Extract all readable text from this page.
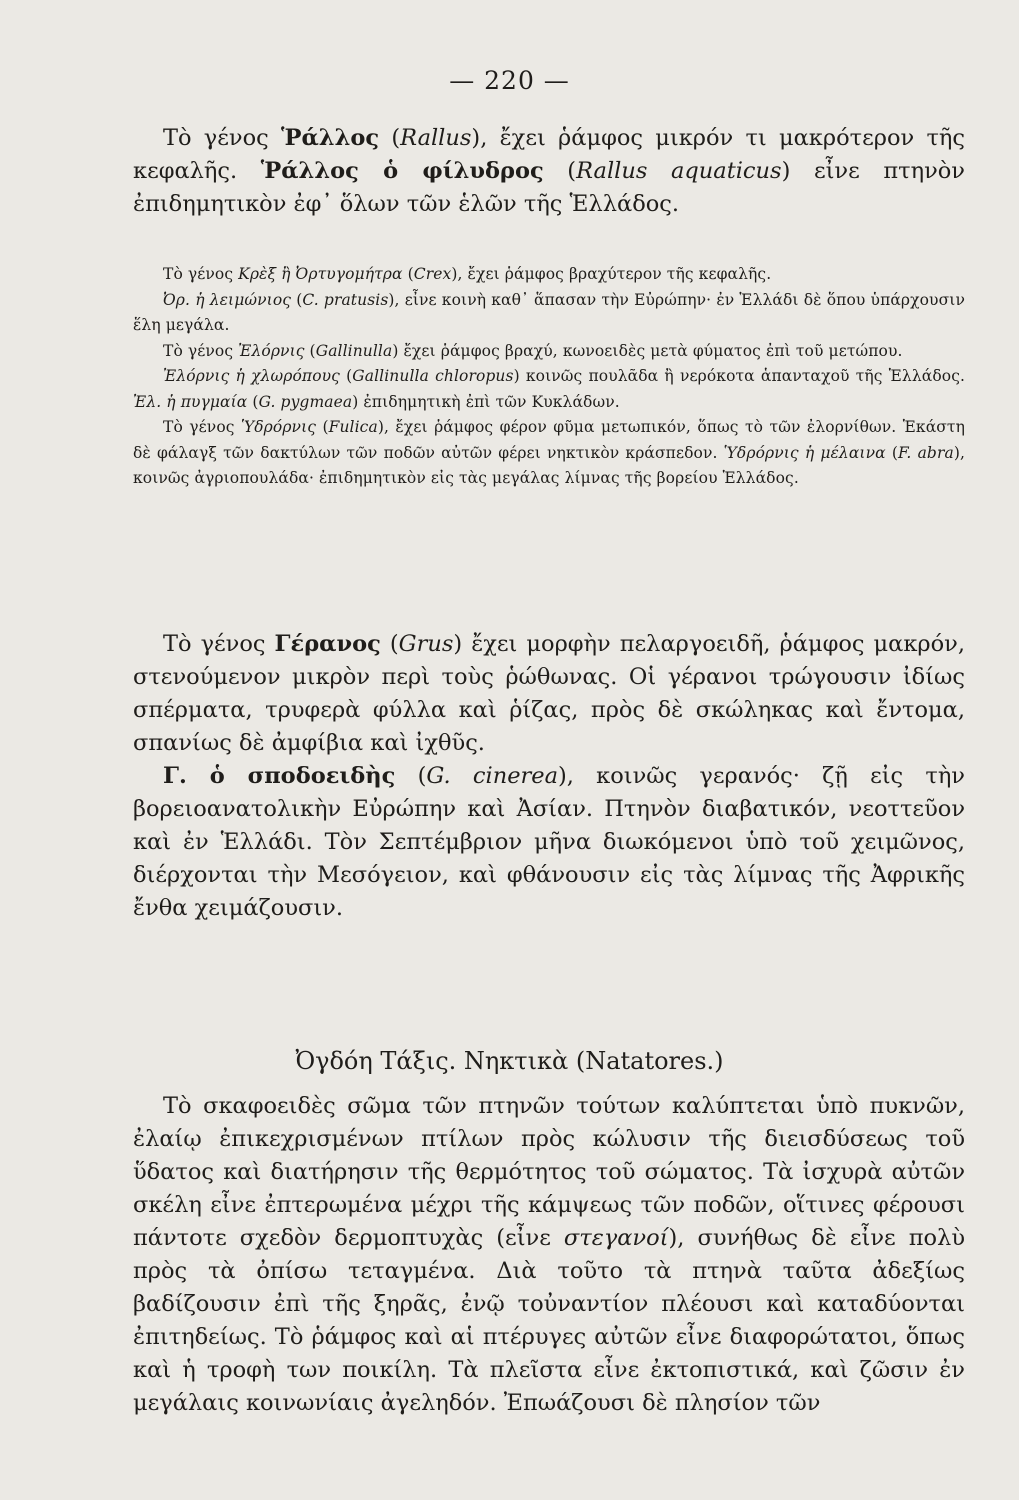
— 220 —

Τὸ γένος Ῥάλλος (Rallus), ἔχει ῥάμφος μικρόν τι μακρότερον τῆς κεφαλῆς. Ῥάλλος ὁ φίλυδρος (Rallus aquaticus) εἶνε πτηνὸν ἐπιδημητικὸν ἐφ᾽ ὅλων τῶν ἑλῶν τῆς Ἑλλάδος.

Τὸ γένος Κρὲξ ἢ Ὀρτυγομήτρα (Crex), ἔχει ῥάμφος βραχύτερον τῆς κεφαλῆς.

Ὀρ. ἡ λειμώνιος (C. pratusis), εἶνε κοινὴ καθ᾽ ἅπασαν τὴν Εὐρώπην· ἐν Ἑλλάδι δὲ ὅπου ὑπάρχουσιν ἕλη μεγάλα.

Τὸ γένος Ἐλόρνις (Gallinulla) ἔχει ῥάμφος βραχύ, κωνοειδὲς μετὰ φύματος ἐπὶ τοῦ μετώπου.

Ἐλόρνις ἡ χλωρόπους (Gallinulla chloropus) κοινῶς πουλᾶδα ἢ νερόκοτα ἁπανταχοῦ τῆς Ἑλλάδος. Ἐλ. ἡ πυγμαία (G. pygmaea) ἐπιδημητικὴ ἐπὶ τῶν Κυκλάδων.

Τὸ γένος Ὑδρόρνις (Fulica), ἔχει ῥάμφος φέρον φῦμα μετωπικόν, ὅπως τὸ τῶν ἐλορνίθων. Ἑκάστη δὲ φάλαγξ τῶν δακτύλων τῶν ποδῶν αὐτῶν φέρει νηκτικὸν κράσπεδον. Ὑδρόρνις ἡ μέλαινα (F. abra), κοινῶς ἀγριοπουλάδα· ἐπιδημητικὸν εἰς τὰς μεγάλας λίμνας τῆς βορείου Ἑλλάδος.

Τὸ γένος Γέρανος (Grus) ἔχει μορφὴν πελαργοειδῆ, ῥάμφος μακρόν, στενούμενον μικρὸν περὶ τοὺς ῥώθωνας. Οἱ γέρανοι τρώγουσιν ἰδίως σπέρματα, τρυφερὰ φύλλα καὶ ῥίζας, πρὸς δὲ σκώληκας καὶ ἔντομα, σπανίως δὲ ἀμφίβια καὶ ἰχθῦς.

Γ. ὁ σποδοειδὴς (G. cinerea), κοινῶς γερανός· ζῇ εἰς τὴν βορειοανατολικὴν Εὐρώπην καὶ Ἀσίαν. Πτηνὸν διαβατικόν, νεοττεῦον καὶ ἐν Ἑλλάδι. Τὸν Σεπτέμβριον μῆνα διωκόμενοι ὑπὸ τοῦ χειμῶνος, διέρχονται τὴν Μεσόγειον, καὶ φθάνουσιν εἰς τὰς λίμνας τῆς Ἀφρικῆς ἔνθα χειμάζουσιν.

Ὀγδόη Τάξις. Νηκτικὰ (Natatores.)

Τὸ σκαφοειδὲς σῶμα τῶν πτηνῶν τούτων καλύπτεται ὑπὸ πυκνῶν, ἐλαίῳ ἐπικεχρισμένων πτίλων πρὸς κώλυσιν τῆς διεισδύσεως τοῦ ὕδατος καὶ διατήρησιν τῆς θερμότητος τοῦ σώματος. Τὰ ἰσχυρὰ αὐτῶν σκέλη εἶνε ἐπτερωμένα μέχρι τῆς κάμψεως τῶν ποδῶν, οἵτινες φέρουσι πάντοτε σχεδὸν δερμοπτυχὰς (εἶνε στεγανοί), συνήθως δὲ εἶνε πολὺ πρὸς τὰ ὀπίσω τεταγμένα. Διὰ τοῦτο τὰ πτηνὰ ταῦτα ἀδεξίως βαδίζουσιν ἐπὶ τῆς ξηρᾶς, ἐνῷ τοὐναντίον πλέουσι καὶ καταδύονται ἐπιτηδείως. Τὸ ῥάμφος καὶ αἱ πτέρυγες αὐτῶν εἶνε διαφορώτατοι, ὅπως καὶ ἡ τροφὴ των ποικίλη. Τὰ πλεῖστα εἶνε ἐκτοπιστικά, καὶ ζῶσιν ἐν μεγάλαις κοινωνίαις ἀγεληδόν. Ἐπωάζουσι δὲ πλησίον τῶν
